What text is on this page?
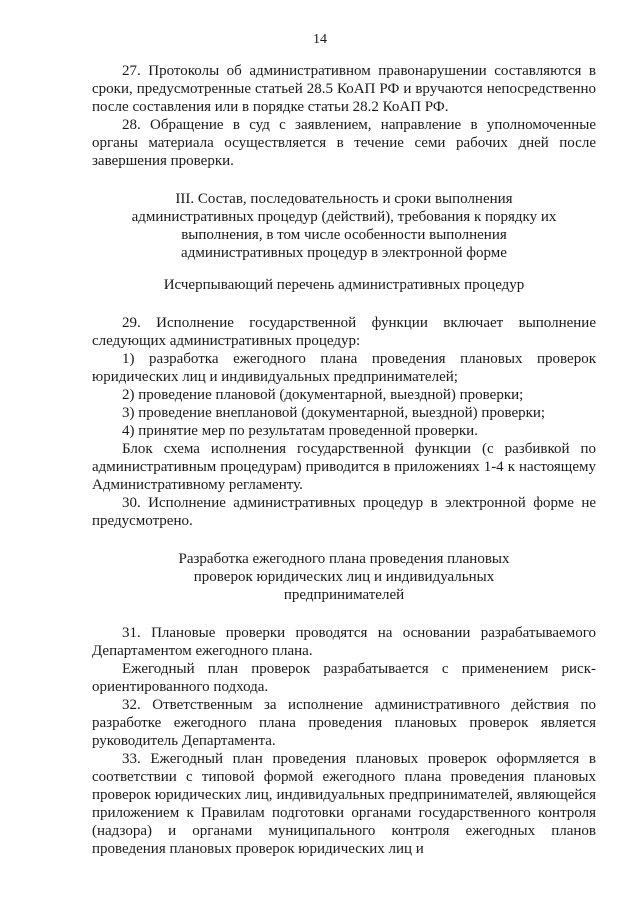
14

27. Протоколы об административном правонарушении составляются в сроки, предусмотренные статьей 28.5 КоАП РФ и вручаются непосредственно после составления или в порядке статьи 28.2 КоАП РФ.

28. Обращение в суд с заявлением, направление в уполномоченные органы материала осуществляется в течение семи рабочих дней после завершения проверки.

III. Состав, последовательность и сроки выполнения административных процедур (действий), требования к порядку их выполнения, в том числе особенности выполнения административных процедур в электронной форме

Исчерпывающий перечень административных процедур

29. Исполнение государственной функции включает выполнение следующих административных процедур:

1) разработка ежегодного плана проведения плановых проверок юридических лиц и индивидуальных предпринимателей;

2) проведение плановой (документарной, выездной) проверки;

3) проведение внеплановой (документарной, выездной) проверки;

4) принятие мер по результатам проведенной проверки.

Блок схема исполнения государственной функции (с разбивкой по административным процедурам) приводится в приложениях 1-4 к настоящему Административному регламенту.

30. Исполнение административных процедур в электронной форме не предусмотрено.

Разработка ежегодного плана проведения плановых проверок юридических лиц и индивидуальных предпринимателей

31. Плановые проверки проводятся на основании разрабатываемого Департаментом ежегодного плана.

Ежегодный план проверок разрабатывается с применением риск-ориентированного подхода.

32. Ответственным за исполнение административного действия по разработке ежегодного плана проведения плановых проверок является руководитель Департамента.

33. Ежегодный план проведения плановых проверок оформляется в соответствии с типовой формой ежегодного плана проведения плановых проверок юридических лиц, индивидуальных предпринимателей, являющейся приложением к Правилам подготовки органами государственного контроля (надзора) и органами муниципального контроля ежегодных планов проведения плановых проверок юридических лиц и
